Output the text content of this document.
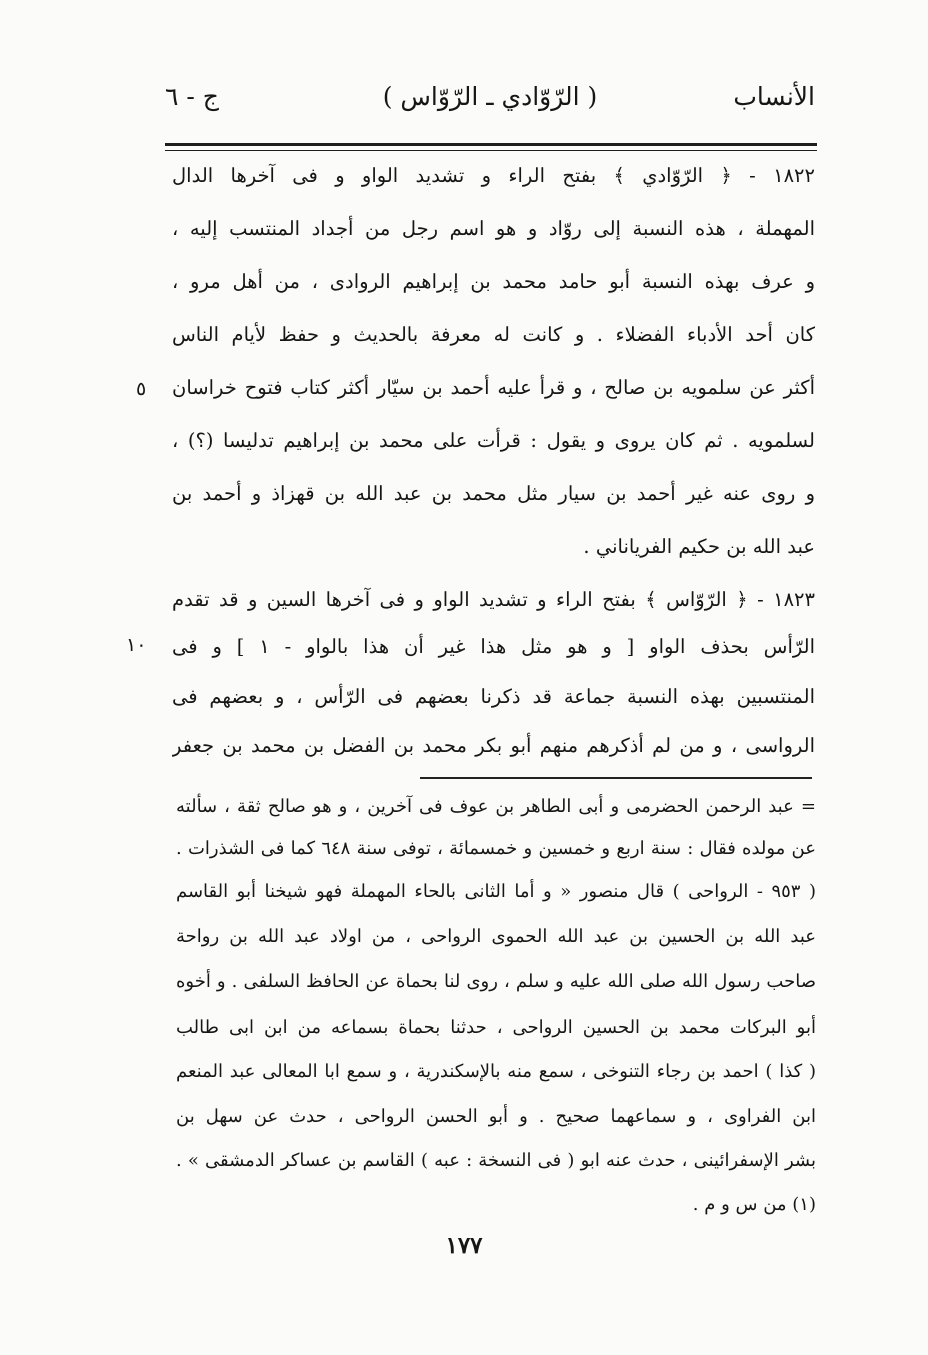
ج - ٦	( الرّوّادي ـ الرّوّاس )	الأنساب
١٨٢٢ - ﴿ الرّوّادي ﴾ بفتح الراء و تشديد الواو و فى آخرها الدال
المهملة ، هذه النسبة إلى روّاد و هو اسم رجل من أجداد المنتسب إليه ،
و عرف بهذه النسبة أبو حامد محمد بن إبراهيم الروادى ، من أهل مرو ،
كان أحد الأدباء الفضلاء . و كانت له معرفة بالحديث و حفظ لأيام الناس
أكثر عن سلمويه بن صالح ، و قرأ عليه أحمد بن سيّار أكثر كتاب فتوح خراسان
لسلمويه . ثم كان يروى و يقول : قرأت على محمد بن إبراهيم تدليسا (؟) ،
و روى عنه غير أحمد بن سيار مثل محمد بن عبد الله بن قهزاذ و أحمد بن
عبد الله بن حكيم الفرياناني .
١٨٢٣ - ﴿ الرّوّاس ﴾ بفتح الراء و تشديد الواو و فى آخرها السين و قد تقدم
الرّأس بحذف الواو [ و هو مثل هذا غير أن هذا بالواو - ١ ] و فى
المنتسبين بهذه النسبة جماعة قد ذكرنا بعضهم فى الرّأس ، و بعضهم فى
الرواسى ، و من لم أذكرهم منهم أبو بكر محمد بن الفضل بن محمد بن جعفر
٥
١٠
= عبد الرحمن الحضرمى و أبى الطاهر بن عوف فى آخرين ، و هو صالح ثقة ، سألته
عن مولده فقال : سنة اربع و خمسين و خمسمائة ، توفى سنة ٦٤٨ كما فى الشذرات .
( ٩٥٣ - الرواحى ) قال منصور « و أما الثانى بالحاء المهملة فهو شيخنا أبو القاسم
عبد الله بن الحسين بن عبد الله الحموى الرواحى ، من اولاد عبد الله بن رواحة
صاحب رسول الله صلى الله عليه و سلم ، روى لنا بحماة عن الحافظ السلفى . و أخوه
أبو البركات محمد بن الحسين الرواحى ، حدثنا بحماة بسماعه من ابن ابى طالب
( كذا ) احمد بن رجاء التنوخى ، سمع منه بالإسكندرية ، و سمع ابا المعالى عبد المنعم
ابن الفراوى ، و سماعهما صحيح . و أبو الحسن الرواحى ، حدث عن سهل بن
بشر الإسفرائينى ، حدث عنه ابو ( فى النسخة : عبه ) القاسم بن عساكر الدمشقى » .
(١) من س و م .
١٧٧
